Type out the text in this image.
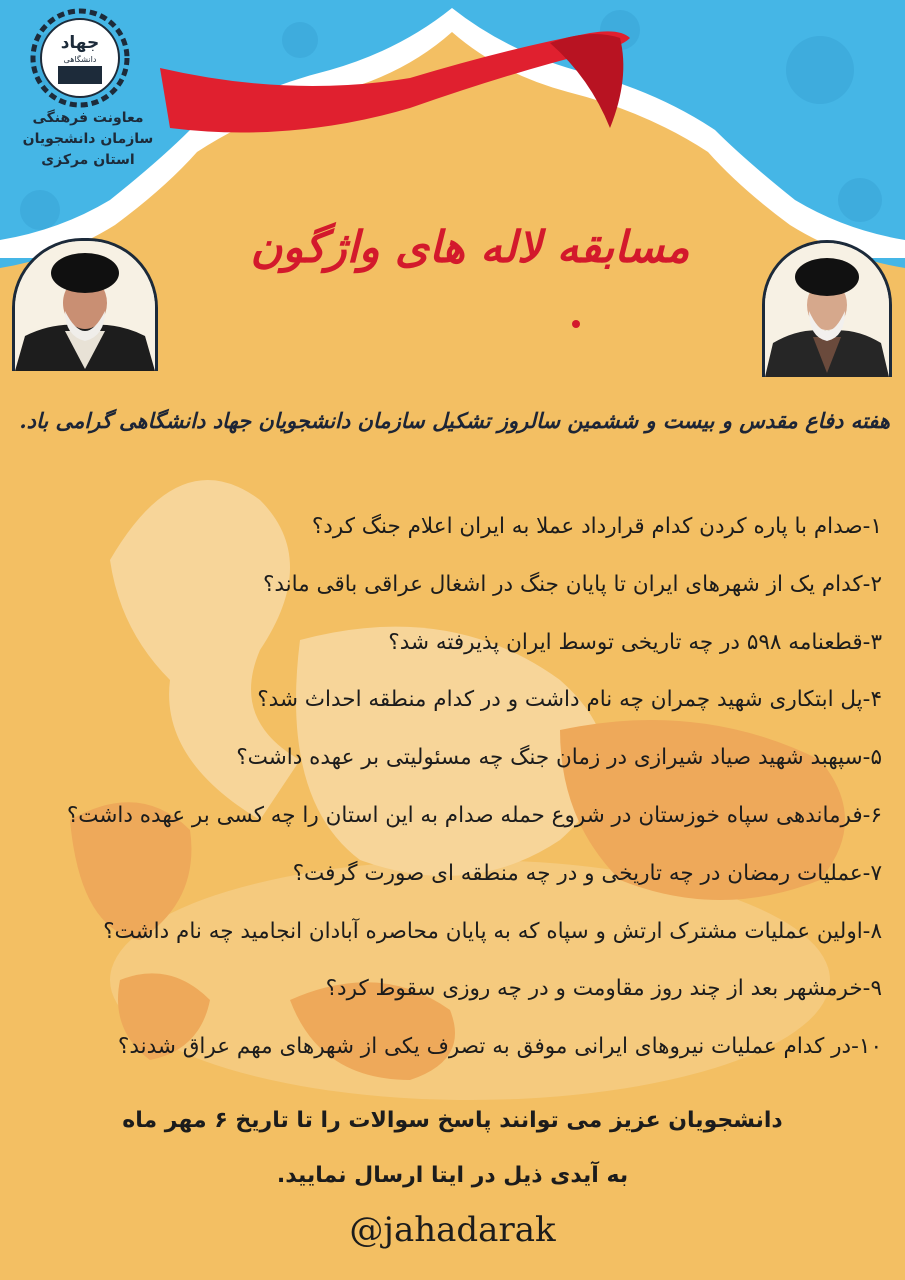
جهاد
دانشگاهی
معاونت فرهنگی
سازمان دانشجویان
استان مرکزی
مسابقه لاله های واژگون
هفته دفاع مقدس و بیست و ششمین سالروز تشکیل سازمان دانشجویان جهاد دانشگاهی گرامی باد.
۱-صدام با پاره کردن کدام قرارداد عملا به ایران اعلام جنگ کرد؟
۲-کدام یک از شهرهای ایران تا پایان جنگ در اشغال عراقی باقی ماند؟
۳-قطعنامه ۵۹۸ در چه تاریخی توسط ایران پذیرفته شد؟
۴-پل ابتکاری شهید چمران چه نام داشت و در کدام منطقه احداث شد؟
۵-سپهبد شهید صیاد شیرازی در زمان جنگ چه مسئولیتی بر عهده داشت؟
۶-فرماندهی سپاه خوزستان در شروع حمله صدام به این استان را چه کسی بر عهده داشت؟
۷-عملیات رمضان در چه تاریخی و در چه منطقه ای صورت گرفت؟
۸-اولین عملیات مشترک ارتش و سپاه که به پایان محاصره آبادان انجامید چه نام داشت؟
۹-خرمشهر بعد از چند روز مقاومت و در چه روزی سقوط کرد؟
۱۰-در کدام عملیات نیروهای ایرانی موفق به تصرف یکی از شهرهای مهم عراق شدند؟
دانشجویان عزیز می توانند پاسخ سوالات را تا تاریخ ۶ مهر ماه
به آیدی ذیل در ایتا ارسال نمایید.
@jahadarak
